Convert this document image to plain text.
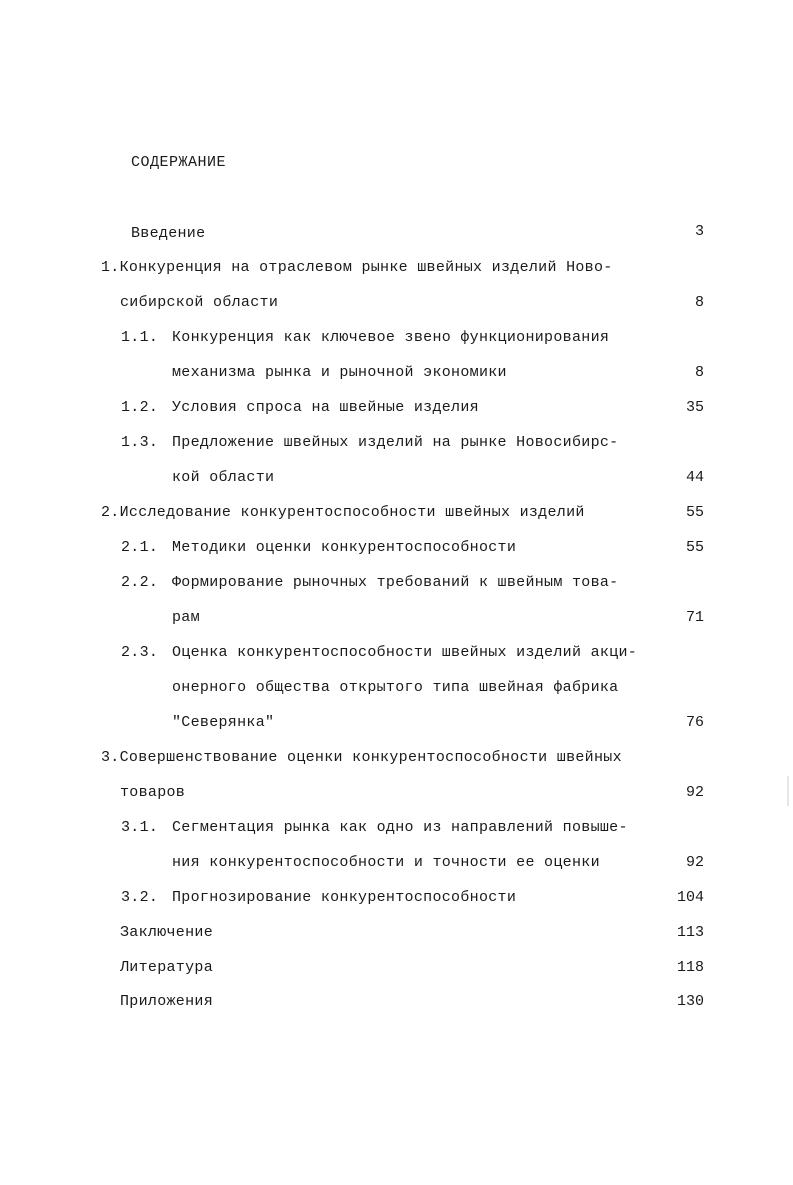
СОДЕРЖАНИЕ
Введение	3
1.Конкуренция на отраслевом рынке швейных изделий Ново-
сибирской области	8
1.1. Конкуренция как ключевое звено функционирования
механизма рынка и рыночной экономики	8
1.2. Условия спроса на швейные изделия	35
1.3. Предложение швейных изделий на рынке Новосибирс-
кой области	44
2.Исследование конкурентоспособности швейных изделий	55
2.1. Методики оценки конкурентоспособности	55
2.2. Формирование рыночных требований к швейным това-
рам	71
2.3. Оценка конкурентоспособности швейных изделий акци-
онерного общества открытого типа швейная фабрика
"Северянка"	76
3.Совершенствование оценки конкурентоспособности швейных
товаров	92
3.1. Сегментация рынка как одно из направлений повыше-
ния конкурентоспособности и точности ее оценки	92
3.2. Прогнозирование конкурентоспособности	104
Заключение	113
Литература	118
Приложения	130
